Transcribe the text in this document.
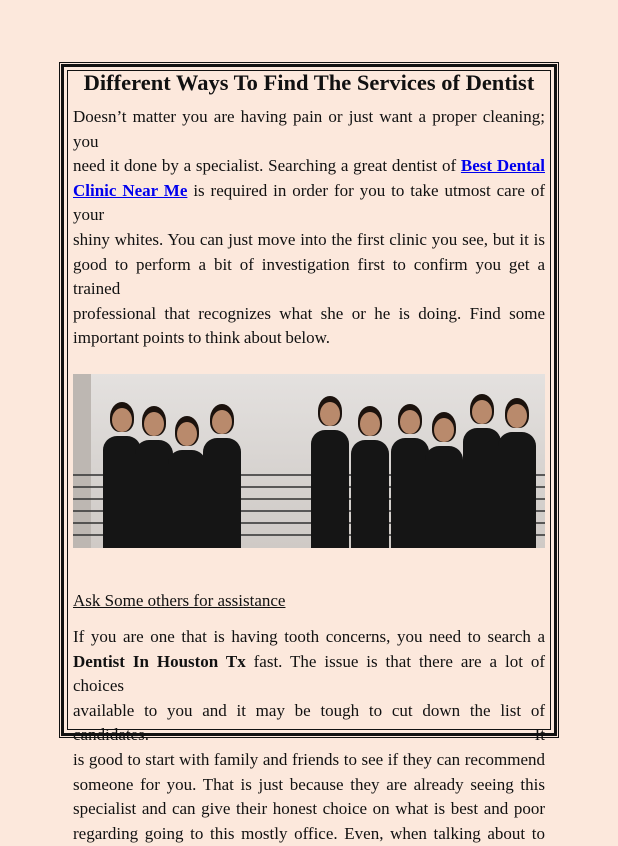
Different Ways To Find The Services of Dentist
Doesn’t matter you are having pain or just want a proper cleaning; you
need it done by a specialist. Searching a great dentist of Best Dental
Clinic Near Me is required in order for you to take utmost care of your
shiny whites. You can just move into the first clinic you see, but it is
good to perform a bit of investigation first to confirm you get a trained
professional that recognizes what she or he is doing. Find some
important points to think about below.
Ask Some others for assistance
If you are one that is having tooth concerns, you need to search a
Dentist In Houston Tx fast. The issue is that there are a lot of choices
available to you and it may be tough to cut down the list of candidates. It
is good to start with family and friends to see if they can recommend
someone for you. That is just because they are already seeing this
specialist and can give their honest choice on what is best and poor
regarding going to this mostly office. Even, when talking about to
